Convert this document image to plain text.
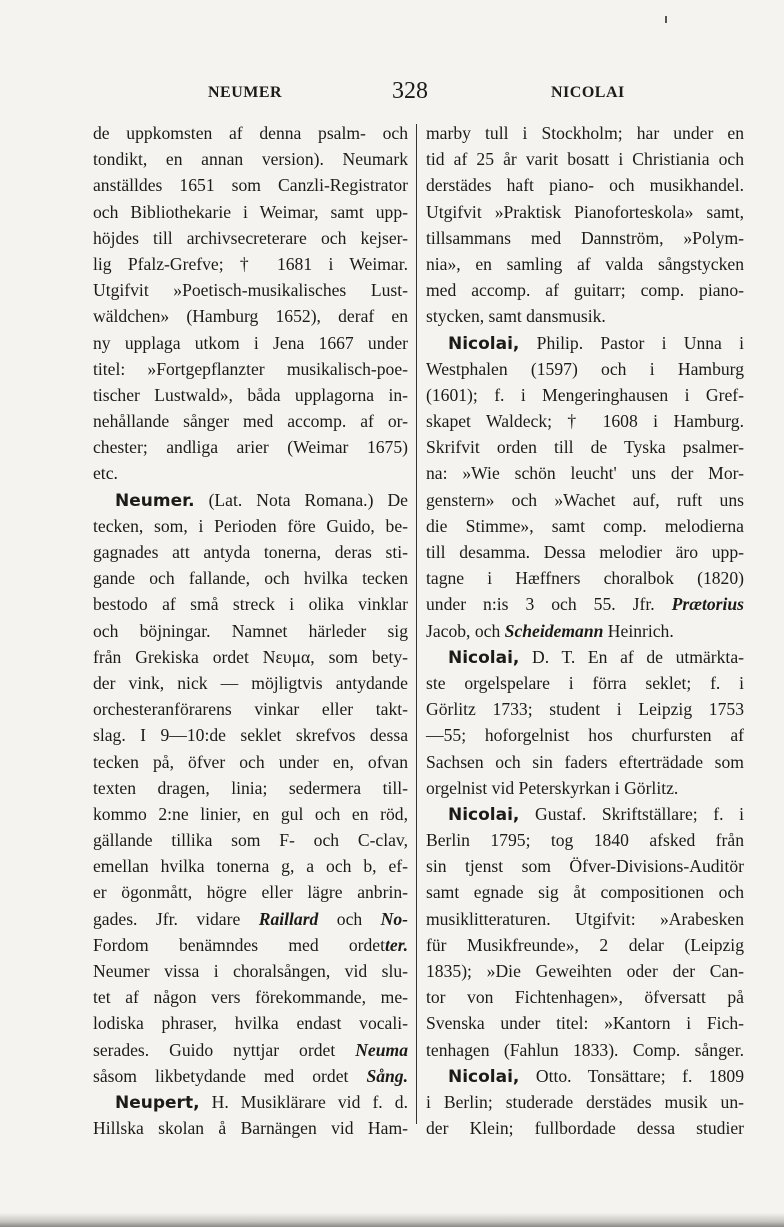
NEUMER	328	NICOLAI
de uppkomsten af denna psalm- och
tondikt, en annan version). Neumark
anställdes 1651 som Canzli-Registrator
och Bibliothekarie i Weimar, samt upp-
höjdes till archivsecreterare och kejser-
lig Pfalz-Grefve; † 1681 i Weimar.
Utgifvit »Poetisch-musikalisches Lust-
wäldchen» (Hamburg 1652), deraf en
ny upplaga utkom i Jena 1667 under
titel: »Fortgepflanzter musikalisch-poe-
tischer Lustwald», båda upplagorna in-
nehållande sånger med accomp. af or-
chester; andliga arier (Weimar 1675)
etc.
Neumer. (Lat. Nota Romana.) De
tecken, som, i Perioden före Guido, be-
gagnades att antyda tonerna, deras sti-
gande och fallande, och hvilka tecken
bestodo af små streck i olika vinklar
och böjningar. Namnet härleder sig
från Grekiska ordet Νευμα, som bety-
der vink, nick — möjligtvis antydande
orchesteranförarens vinkar eller takt-
slag. I 9—10:de seklet skrefvos dessa
tecken på, öfver och under en, ofvan
texten dragen, linia; sedermera till-
kommo 2:ne linier, en gul och en röd,
gällande tillika som F- och C-clav,
emellan hvilka tonerna g, a och b, ef-
er ögonmått, högre eller lägre anbrin-
gades. Jfr. vidare Raillard och No-
Fordom benämndes med ordetter.
Neumer vissa i choralsången, vid slu-
tet af någon vers förekommande, me-
lodiska phraser, hvilka endast vocali-
serades. Guido nyttjar ordet Neuma
såsom likbetydande med ordet Sång.
Neupert, H. Musiklärare vid f. d.
Hillska skolan å Barnängen vid Ham-
marby tull i Stockholm; har under en
tid af 25 år varit bosatt i Christiania och
derstädes haft piano- och musikhandel.
Utgifvit »Praktisk Pianoforteskola» samt,
tillsammans med Dannström, »Polym-
nia», en samling af valda sångstycken
med accomp. af guitarr; comp. piano-
stycken, samt dansmusik.
Nicolai, Philip. Pastor i Unna i
Westphalen (1597) och i Hamburg
(1601); f. i Mengeringhausen i Gref-
skapet Waldeck; † 1608 i Hamburg.
Skrifvit orden till de Tyska psalmer-
na: »Wie schön leucht' uns der Mor-
genstern» och »Wachet auf, ruft uns
die Stimme», samt comp. melodierna
till desamma. Dessa melodier äro upp-
tagne i Hæffners choralbok (1820)
under n:is 3 och 55. Jfr. Prætorius
Jacob, och Scheidemann Heinrich.
Nicolai, D. T. En af de utmärkta-
ste orgelspelare i förra seklet; f. i
Görlitz 1733; student i Leipzig 1753
—55; hoforgelnist hos churfursten af
Sachsen och sin faders efterträdade som
orgelnist vid Peterskyrkan i Görlitz.
Nicolai, Gustaf. Skriftställare; f. i
Berlin 1795; tog 1840 afsked från
sin tjenst som Öfver-Divisions-Auditör
samt egnade sig åt compositionen och
musiklitteraturen. Utgifvit: »Arabesken
für Musikfreunde», 2 delar (Leipzig
1835); »Die Geweihten oder der Can-
tor von Fichtenhagen», öfversatt på
Svenska under titel: »Kantorn i Fich-
tenhagen (Fahlun 1833). Comp. sånger.
Nicolai, Otto. Tonsättare; f. 1809
i Berlin; studerade derstädes musik un-
der Klein; fullbordade dessa studier
